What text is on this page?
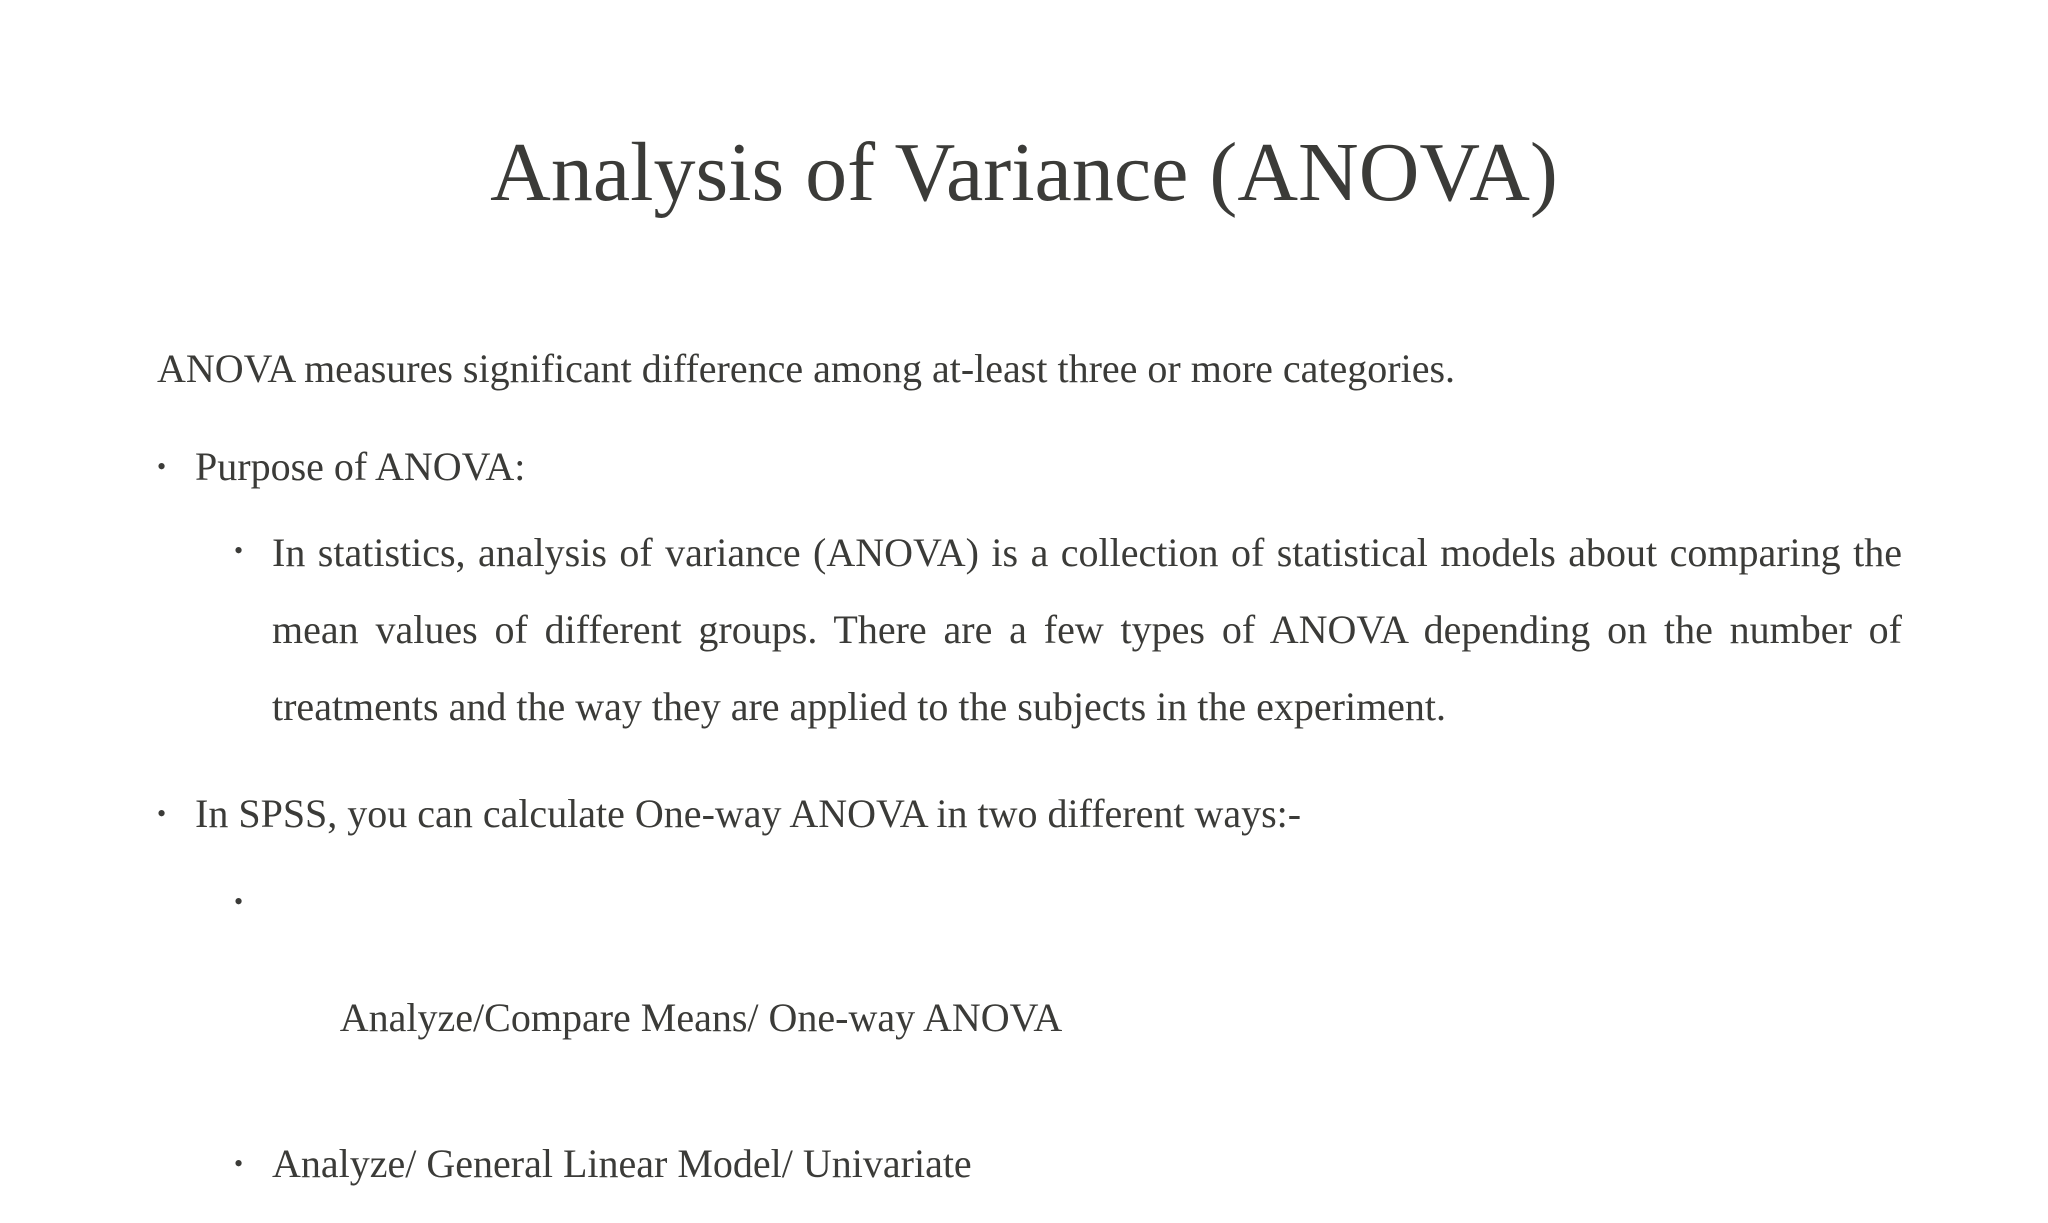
Analysis of Variance (ANOVA)

ANOVA measures significant difference among at-least three or more categories.

• Purpose of ANOVA:
• In statistics, analysis of variance (ANOVA) is a collection of statistical models about comparing the mean values of different groups. There are a few types of ANOVA depending on the number of treatments and the way they are applied to the subjects in the experiment.
• In SPSS, you can calculate One-way ANOVA in two different ways:-

•

Analyze/Compare Means/ One-way ANOVA

• Analyze/ General Linear Model/ Univariate
